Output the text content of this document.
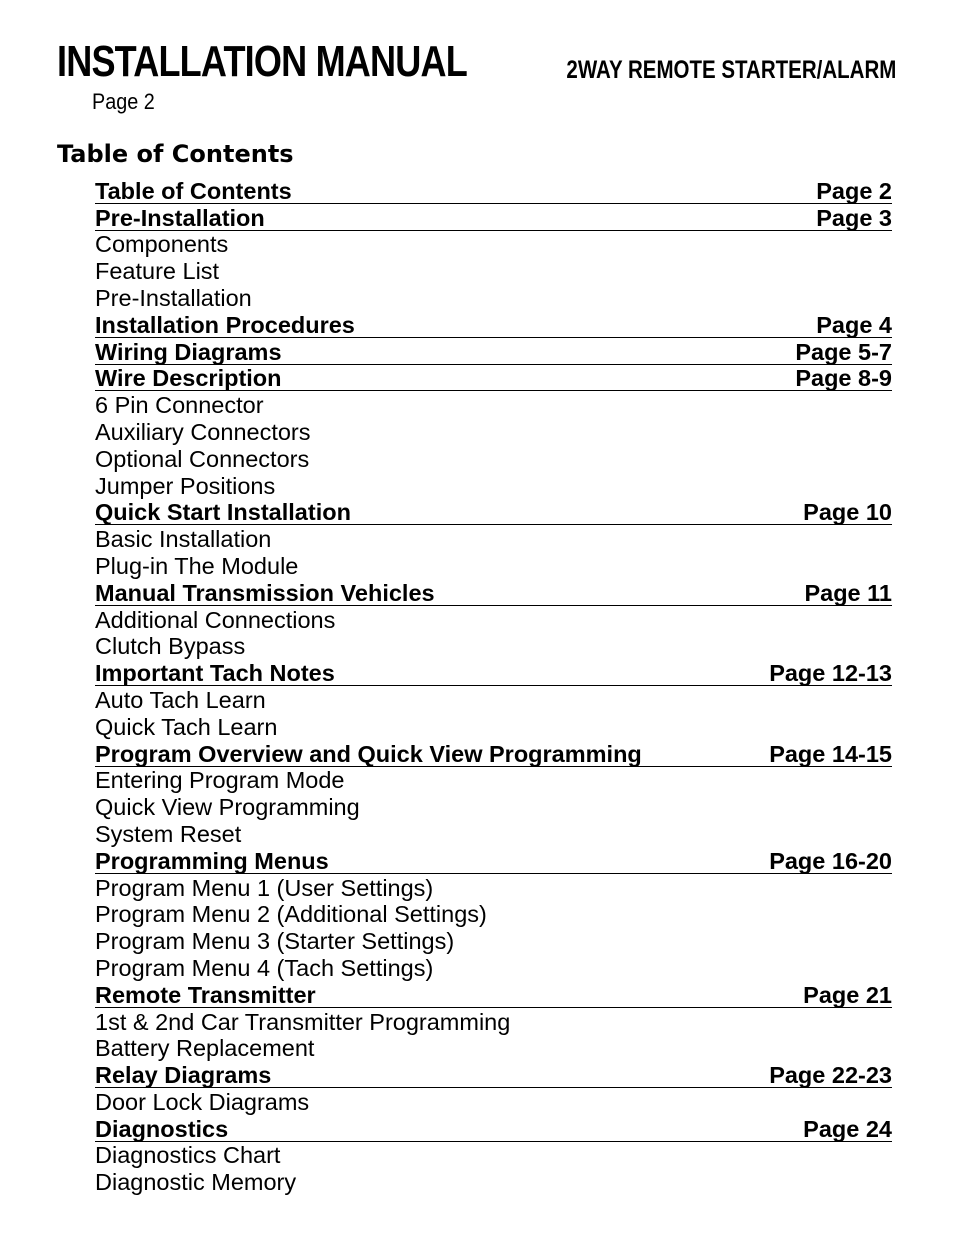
INSTALLATION MANUAL	2WAY REMOTE STARTER/ALARM
Page 2
Table of Contents
Table of Contents	Page 2
Pre-Installation	Page 3
Components
Feature List
Pre-Installation
Installation Procedures	Page 4
Wiring Diagrams	Page 5-7
Wire Description	Page 8-9
6 Pin Connector
Auxiliary Connectors
Optional Connectors
Jumper Positions
Quick Start Installation	Page 10
Basic Installation
Plug-in The Module
Manual Transmission Vehicles	Page 11
Additional Connections
Clutch Bypass
Important Tach Notes	Page 12-13
Auto Tach Learn
Quick Tach Learn
Program Overview and Quick View Programming	Page 14-15
Entering Program Mode
Quick View Programming
System Reset
Programming Menus	Page 16-20
Program Menu 1 (User Settings)
Program Menu 2 (Additional Settings)
Program Menu 3 (Starter Settings)
Program Menu 4 (Tach Settings)
Remote Transmitter	Page 21
1st & 2nd Car Transmitter Programming
Battery Replacement
Relay Diagrams	Page 22-23
Door Lock Diagrams
Diagnostics	Page 24
Diagnostics Chart
Diagnostic Memory
